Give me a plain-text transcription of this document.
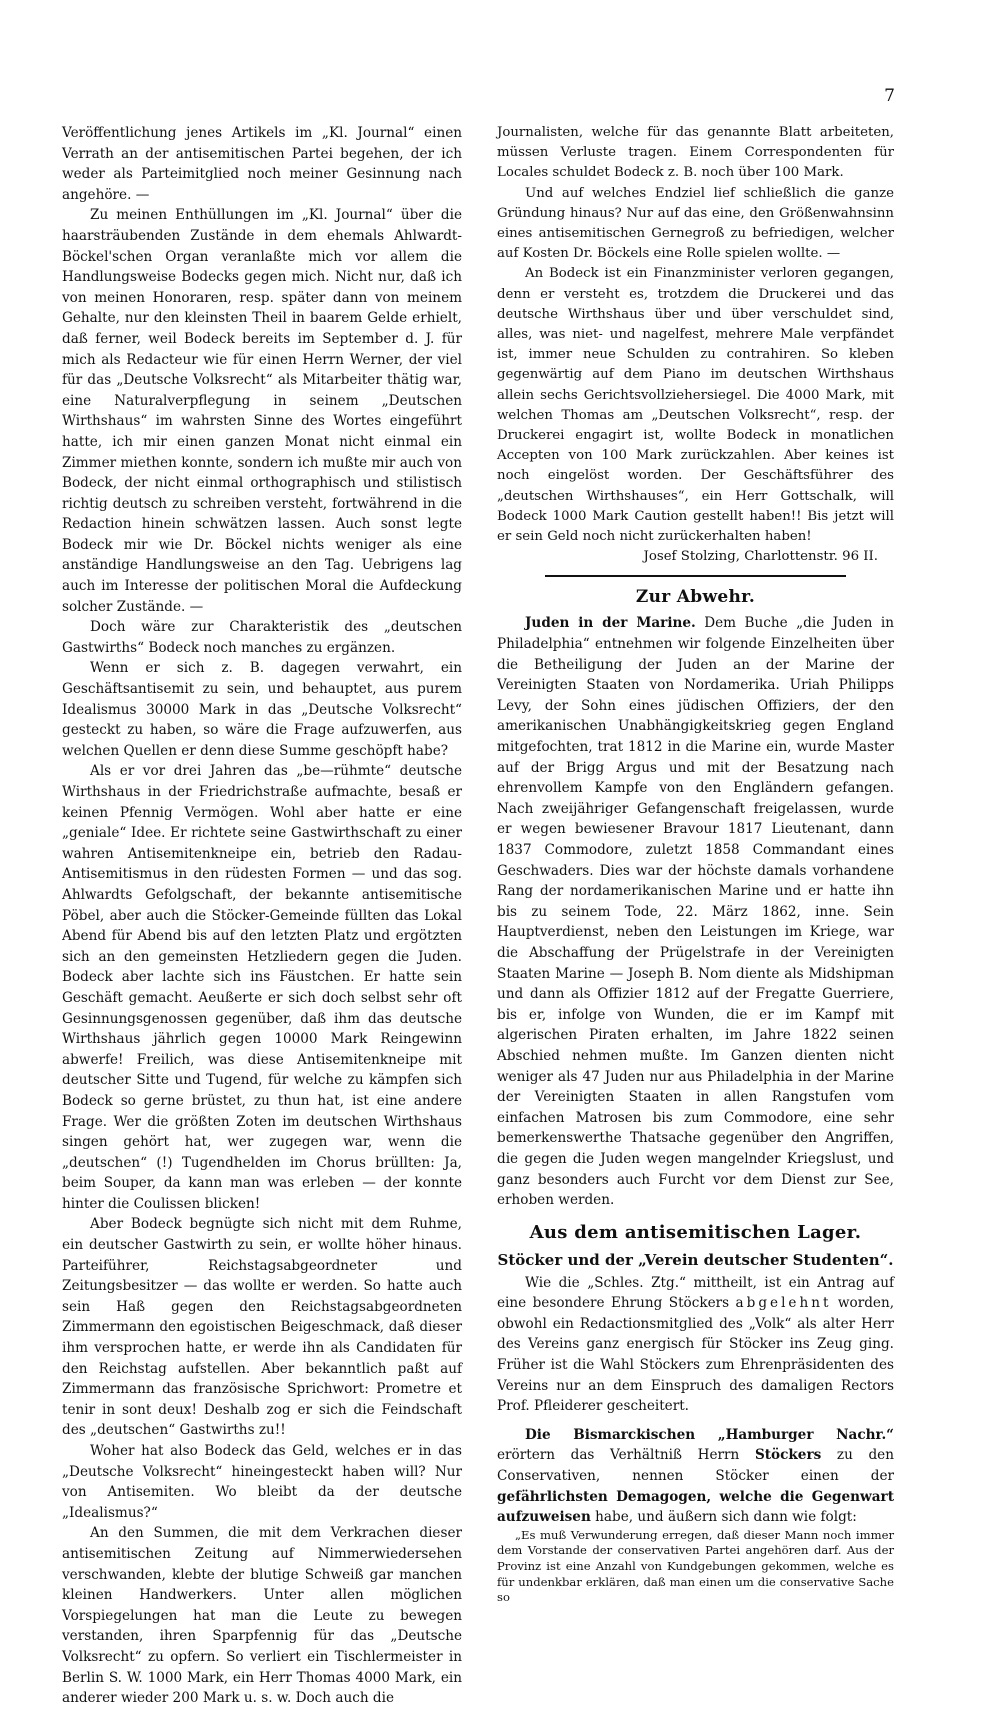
7

Veröffentlichung jenes Artikels im „Kl. Journal“ einen Verrath an der antisemitischen Partei begehen, der ich weder als Parteimitglied noch meiner Gesinnung nach angehöre. —

Zu meinen Enthüllungen im „Kl. Journal“ über die haarsträubenden Zustände in dem ehemals Ahlwardt-Böckel'schen Organ veranlaßte mich vor allem die Handlungsweise Bodecks gegen mich. Nicht nur, daß ich von meinen Honoraren, resp. später dann von meinem Gehalte, nur den kleinsten Theil in baarem Gelde erhielt, daß ferner, weil Bodeck bereits im September d. J. für mich als Redacteur wie für einen Herrn Werner, der viel für das „Deutsche Volksrecht“ als Mitarbeiter thätig war, eine Naturalverpflegung in seinem „Deutschen Wirthshaus“ im wahrsten Sinne des Wortes eingeführt hatte, ich mir einen ganzen Monat nicht einmal ein Zimmer miethen konnte, sondern ich mußte mir auch von Bodeck, der nicht einmal orthographisch und stilistisch richtig deutsch zu schreiben versteht, fortwährend in die Redaction hinein schwätzen lassen. Auch sonst legte Bodeck mir wie Dr. Böckel nichts weniger als eine anständige Handlungsweise an den Tag. Uebrigens lag auch im Interesse der politischen Moral die Aufdeckung solcher Zustände. —

Doch wäre zur Charakteristik des „deutschen Gastwirths“ Bodeck noch manches zu ergänzen.

Wenn er sich z. B. dagegen verwahrt, ein Geschäftsantisemit zu sein, und behauptet, aus purem Idealismus 30000 Mark in das „Deutsche Volksrecht“ gesteckt zu haben, so wäre die Frage aufzuwerfen, aus welchen Quellen er denn diese Summe geschöpft habe?

Als er vor drei Jahren das „be—rühmte“ deutsche Wirthshaus in der Friedrichstraße aufmachte, besaß er keinen Pfennig Vermögen. Wohl aber hatte er eine „geniale“ Idee. Er richtete seine Gastwirthschaft zu einer wahren Antisemitenkneipe ein, betrieb den Radau-Antisemitismus in den rüdesten Formen — und das sog. Ahlwardts Gefolgschaft, der bekannte antisemitische Pöbel, aber auch die Stöcker-Gemeinde füllten das Lokal Abend für Abend bis auf den letzten Platz und ergötzten sich an den gemeinsten Hetzliedern gegen die Juden. Bodeck aber lachte sich ins Fäustchen. Er hatte sein Geschäft gemacht. Aeußerte er sich doch selbst sehr oft Gesinnungsgenossen gegenüber, daß ihm das deutsche Wirthshaus jährlich gegen 10000 Mark Reingewinn abwerfe! Freilich, was diese Antisemitenkneipe mit deutscher Sitte und Tugend, für welche zu kämpfen sich Bodeck so gerne brüstet, zu thun hat, ist eine andere Frage. Wer die größten Zoten im deutschen Wirthshaus singen gehört hat, wer zugegen war, wenn die „deutschen“ (!) Tugendhelden im Chorus brüllten: Ja, beim Souper, da kann man was erleben — der konnte hinter die Coulissen blicken!

Aber Bodeck begnügte sich nicht mit dem Ruhme, ein deutscher Gastwirth zu sein, er wollte höher hinaus. Parteiführer, Reichstagsabgeordneter und Zeitungsbesitzer — das wollte er werden. So hatte auch sein Haß gegen den Reichstagsabgeordneten Zimmermann den egoistischen Beigeschmack, daß dieser ihm versprochen hatte, er werde ihn als Candidaten für den Reichstag aufstellen. Aber bekanntlich paßt auf Zimmermann das französische Sprichwort: Prometre et tenir in sont deux! Deshalb zog er sich die Feindschaft des „deutschen“ Gastwirths zu!!

Woher hat also Bodeck das Geld, welches er in das „Deutsche Volksrecht“ hineingesteckt haben will? Nur von Antisemiten. Wo bleibt da der deutsche „Idealismus?“

An den Summen, die mit dem Verkrachen dieser antisemitischen Zeitung auf Nimmerwiedersehen verschwanden, klebte der blutige Schweiß gar manchen kleinen Handwerkers. Unter allen möglichen Vorspiegelungen hat man die Leute zu bewegen verstanden, ihren Sparpfennig für das „Deutsche Volksrecht“ zu opfern. So verliert ein Tischlermeister in Berlin S. W. 1000 Mark, ein Herr Thomas 4000 Mark, ein anderer wieder 200 Mark u. s. w. Doch auch die

Journalisten, welche für das genannte Blatt arbeiteten, müssen Verluste tragen. Einem Correspondenten für Locales schuldet Bodeck z. B. noch über 100 Mark.

Und auf welches Endziel lief schließlich die ganze Gründung hinaus? Nur auf das eine, den Größenwahnsinn eines antisemitischen Gernegroß zu befriedigen, welcher auf Kosten Dr. Böckels eine Rolle spielen wollte. —

An Bodeck ist ein Finanzminister verloren gegangen, denn er versteht es, trotzdem die Druckerei und das deutsche Wirthshaus über und über verschuldet sind, alles, was niet- und nagelfest, mehrere Male verpfändet ist, immer neue Schulden zu contrahiren. So kleben gegenwärtig auf dem Piano im deutschen Wirthshaus allein sechs Gerichtsvollziehersiegel. Die 4000 Mark, mit welchen Thomas am „Deutschen Volksrecht“, resp. der Druckerei engagirt ist, wollte Bodeck in monatlichen Accepten von 100 Mark zurückzahlen. Aber keines ist noch eingelöst worden. Der Geschäftsführer des „deutschen Wirthshauses“, ein Herr Gottschalk, will Bodeck 1000 Mark Caution gestellt haben!! Bis jetzt will er sein Geld noch nicht zurückerhalten haben!

Josef Stolzing, Charlottenstr. 96 II.

Zur Abwehr.

Juden in der Marine. Dem Buche „die Juden in Philadelphia“ entnehmen wir folgende Einzelheiten über die Betheiligung der Juden an der Marine der Vereinigten Staaten von Nordamerika. Uriah Philipps Levy, der Sohn eines jüdischen Offiziers, der den amerikanischen Unabhängigkeitskrieg gegen England mitgefochten, trat 1812 in die Marine ein, wurde Master auf der Brigg Argus und mit der Besatzung nach ehrenvollem Kampfe von den Engländern gefangen. Nach zweijähriger Gefangenschaft freigelassen, wurde er wegen bewiesener Bravour 1817 Lieutenant, dann 1837 Commodore, zuletzt 1858 Commandant eines Geschwaders. Dies war der höchste damals vorhandene Rang der nordamerikanischen Marine und er hatte ihn bis zu seinem Tode, 22. März 1862, inne. Sein Hauptverdienst, neben den Leistungen im Kriege, war die Abschaffung der Prügelstrafe in der Vereinigten Staaten Marine — Joseph B. Nom diente als Midshipman und dann als Offizier 1812 auf der Fregatte Guerriere, bis er, infolge von Wunden, die er im Kampf mit algerischen Piraten erhalten, im Jahre 1822 seinen Abschied nehmen mußte. Im Ganzen dienten nicht weniger als 47 Juden nur aus Philadelphia in der Marine der Vereinigten Staaten in allen Rangstufen vom einfachen Matrosen bis zum Commodore, eine sehr bemerkenswerthe Thatsache gegenüber den Angriffen, die gegen die Juden wegen mangelnder Kriegslust, und ganz besonders auch Furcht vor dem Dienst zur See, erhoben werden.

Aus dem antisemitischen Lager.
Stöcker und der „Verein deutscher Studenten“.

Wie die „Schles. Ztg.“ mittheilt, ist ein Antrag auf eine besondere Ehrung Stöckers abgelehnt worden, obwohl ein Redactionsmitglied des „Volk“ als alter Herr des Vereins ganz energisch für Stöcker ins Zeug ging. Früher ist die Wahl Stöckers zum Ehrenpräsidenten des Vereins nur an dem Einspruch des damaligen Rectors Prof. Pfleiderer gescheitert.

Die Bismarckischen „Hamburger Nachr.“ erörtern das Verhältniß Herrn Stöckers zu den Conservativen, nennen Stöcker einen der gefährlichsten Demagogen, welche die Gegenwart aufzuweisen habe, und äußern sich dann wie folgt:

„Es muß Verwunderung erregen, daß dieser Mann noch immer dem Vorstande der conservativen Partei angehören darf. Aus der Provinz ist eine Anzahl von Kundgebungen gekommen, welche es für undenkbar erklären, daß man einen um die conservative Sache so
